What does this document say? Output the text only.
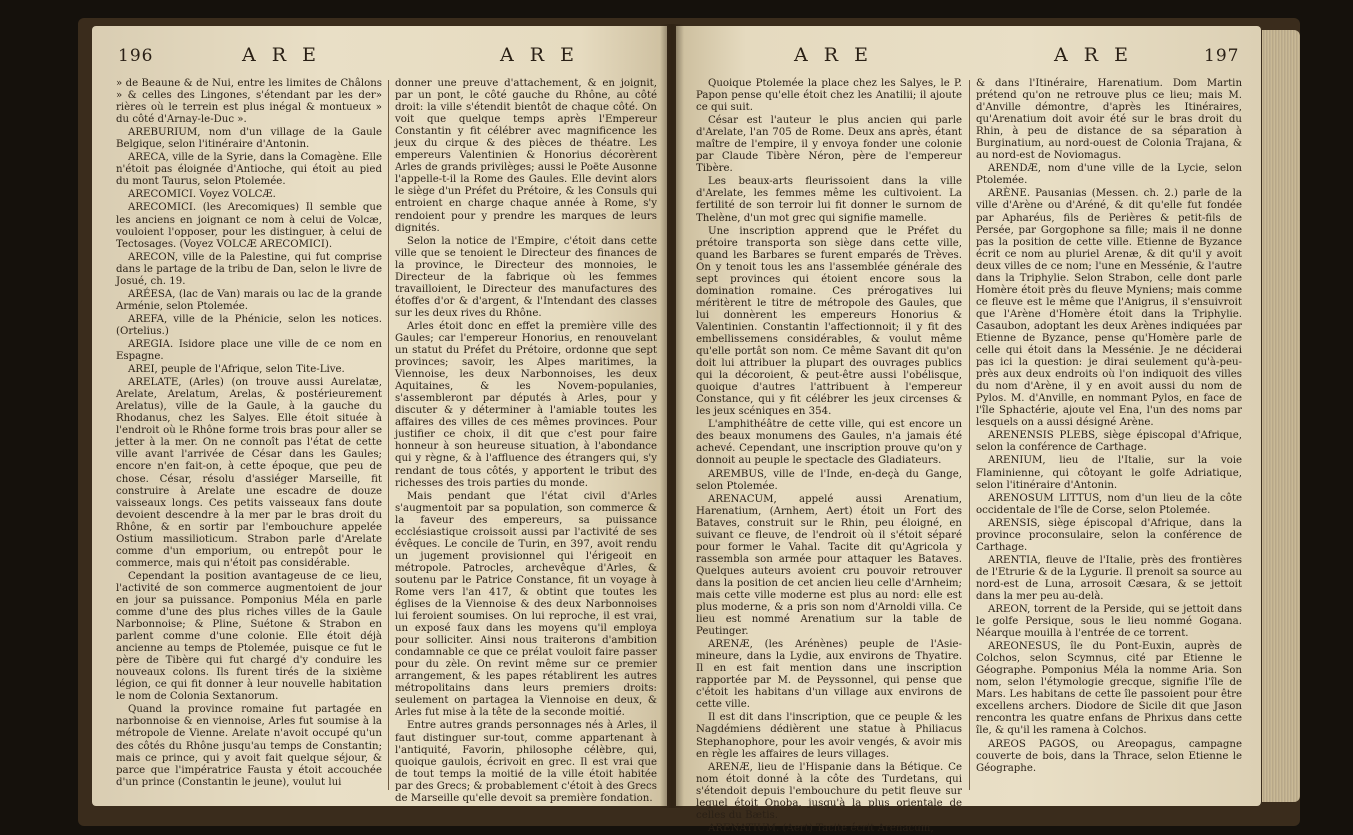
196	A R E	A R E

» de Beaune & de Nui, entre les limites de Châlons » & celles des Lingones, s'étendant par les der» rières où le terrein est plus inégal & montueux » du côté d'Arnay-le-Duc ».

AREBURIUM, nom d'un village de la Gaule Belgique, selon l'itinéraire d'Antonin.

ARECA, ville de la Syrie, dans la Comagène. Elle n'étoit pas éloignée d'Antioche, qui étoit au pied du mont Taurus, selon Ptolemée.

ARECOMICI. Voyez VOLCÆ.

ARECOMICI. (les Arecomiques) Il semble que les anciens en joignant ce nom à celui de Volcæ, vouloient l'opposer, pour les distinguer, à celui de Tectosages. (Voyez VOLCÆ ARECOMICI).

ARECON, ville de la Palestine, qui fut comprise dans le partage de la tribu de Dan, selon le livre de Josué, ch. 19.

ARÉESA, (lac de Van) marais ou lac de la grande Arménie, selon Ptolemée.

AREFA, ville de la Phénicie, selon les notices. (Ortelius.)

AREGIA. Isidore place une ville de ce nom en Espagne.

AREI, peuple de l'Afrique, selon Tite-Live.

ARELATE, (Arles) (on trouve aussi Aurelatæ, Arelate, Arelatum, Arelas, & postérieurement Arelatus), ville de la Gaule, à la gauche du Rhodanus, chez les Salyes. Elle étoit située à l'endroit où le Rhône forme trois bras pour aller se jetter à la mer. On ne connoît pas l'état de cette ville avant l'arrivée de César dans les Gaules; encore n'en fait-on, à cette époque, que peu de chose. César, résolu d'assiéger Marseille, fit construire à Arelate une escadre de douze vaisseaux longs. Ces petits vaisseaux fans doute devoient descendre à la mer par le bras droit du Rhône, & en sortir par l'embouchure appelée Ostium massilioticum. Strabon parle d'Arelate comme d'un emporium, ou entrepôt pour le commerce, mais qui n'étoit pas considérable.

Cependant la position avantageuse de ce lieu, l'activité de son commerce augmentoient de jour en jour sa puissance. Pomponius Méla en parle comme d'une des plus riches villes de la Gaule Narbonnoise; & Pline, Suétone & Strabon en parlent comme d'une colonie. Elle étoit déjà ancienne au temps de Ptolemée, puisque ce fut le père de Tibère qui fut chargé d'y conduire les nouveaux colons. Ils furent tirés de la sixième légion, ce qui fit donner à leur nouvelle habitation le nom de Colonia Sextanorum.

Quand la province romaine fut partagée en narbonnoise & en viennoise, Arles fut soumise à la métropole de Vienne. Arelate n'avoit occupé qu'un des côtés du Rhône jusqu'au temps de Constantin; mais ce prince, qui y avoit fait quelque séjour, & parce que l'impératrice Fausta y étoit accouchée d'un prince (Constantin le jeune), voulut lui

donner une preuve d'attachement, & en joignit, par un pont, le côté gauche du Rhône, au côté droit: la ville s'étendit bientôt de chaque côté. On voit que quelque temps après l'Empereur Constantin y fit célébrer avec magnificence les jeux du cirque & des pièces de théatre. Les empereurs Valentinien & Honorius décorèrent Arles de grands privilèges; aussi le Poëte Ausonne l'appelle-t-il la Rome des Gaules. Elle devint alors le siège d'un Préfet du Prétoire, & les Consuls qui entroient en charge chaque année à Rome, s'y rendoient pour y prendre les marques de leurs dignités.

Selon la notice de l'Empire, c'étoit dans cette ville que se tenoient le Directeur des finances de la province, le Directeur des monnoies, le Directeur de la fabrique où les femmes travailloient, le Directeur des manufactures des étoffes d'or & d'argent, & l'Intendant des classes sur les deux rives du Rhône.

Arles étoit donc en effet la première ville des Gaules; car l'empereur Honorius, en renouvelant un statut du Préfet du Prétoire, ordonne que sept provinces; savoir, les Alpes maritimes, la Viennoise, les deux Narbonnoises, les deux Aquitaines, & les Novem-populanies, s'assembleront par députés à Arles, pour y discuter & y déterminer à l'amiable toutes les affaires des villes de ces mêmes provinces. Pour justifier ce choix, il dit que c'est pour faire honneur à son heureuse situation, à l'abondance qui y règne, & à l'affluence des étrangers qui, s'y rendant de tous côtés, y apportent le tribut des richesses des trois parties du monde.

Mais pendant que l'état civil d'Arles s'augmentoit par sa population, son commerce & la faveur des empereurs, sa puissance ecclésiastique croissoit aussi par l'activité de ses évêques. Le concile de Turin, en 397, avoit rendu un jugement provisionnel qui l'érigeoit en métropole. Patrocles, archevêque d'Arles, & soutenu par le Patrice Constance, fit un voyage à Rome vers l'an 417, & obtint que toutes les églises de la Viennoise & des deux Narbonnoises lui feroient soumises. On lui reproche, il est vrai, un exposé faux dans les moyens qu'il employa pour solliciter. Ainsi nous traiterons d'ambition condamnable ce que ce prélat vouloit faire passer pour du zèle. On revint même sur ce premier arrangement, & les papes rétablirent les autres métropolitains dans leurs premiers droits: seulement on partagea la Viennoise en deux, & Arles fut mise à la tête de la seconde moitié.

Entre autres grands personnages nés à Arles, il faut distinguer sur-tout, comme appartenant à l'antiquité, Favorin, philosophe célèbre, qui, quoique gaulois, écrivoit en grec. Il est vrai que de tout temps la moitié de la ville étoit habitée par des Grecs; & probablement c'étoit à des Grecs de Marseille qu'elle devoit sa première fondation.

A R E	A R E	197

Quoique Ptolemée la place chez les Salyes, le P. Papon pense qu'elle étoit chez les Anatilii; il ajoute ce qui suit.

César est l'auteur le plus ancien qui parle d'Arelate, l'an 705 de Rome. Deux ans après, étant maître de l'empire, il y envoya fonder une colonie par Claude Tibère Néron, père de l'empereur Tibère.

Les beaux-arts fleurissoient dans la ville d'Arelate, les femmes même les cultivoient. La fertilité de son terroir lui fit donner le surnom de Thelène, d'un mot grec qui signifie mamelle.

Une inscription apprend que le Préfet du prétoire transporta son siège dans cette ville, quand les Barbares se furent emparés de Trèves. On y tenoit tous les ans l'assemblée générale des sept provinces qui étoient encore sous la domination romaine. Ces prérogatives lui méritèrent le titre de métropole des Gaules, que lui donnèrent les empereurs Honorius & Valentinien. Constantin l'affectionnoit; il y fit des embellissemens considérables, & voulut même qu'elle portât son nom. Ce même Savant dit qu'on doit lui attribuer la plupart des ouvrages publics qui la décoroient, & peut-être aussi l'obélisque, quoique d'autres l'attribuent à l'empereur Constance, qui y fit célébrer les jeux circenses & les jeux scéniques en 354.

L'amphithéâtre de cette ville, qui est encore un des beaux monumens des Gaules, n'a jamais été achevé. Cependant, une inscription prouve qu'on y donnoit au peuple le spectacle des Gladiateurs.

AREMBUS, ville de l'Inde, en-deçà du Gange, selon Ptolemée.

ARENACUM, appelé aussi Arenatium, Harenatium, (Arnhem, Aert) étoit un Fort des Bataves, construit sur le Rhin, peu éloigné, en suivant ce fleuve, de l'endroit où il s'étoit séparé pour former le Vahal. Tacite dit qu'Agricola y rassembla son armée pour attaquer les Bataves. Quelques auteurs avoient cru pouvoir retrouver dans la position de cet ancien lieu celle d'Arnheim; mais cette ville moderne est plus au nord: elle est plus moderne, & a pris son nom d'Arnoldi villa. Ce lieu est nommé Arenatium sur la table de Peutinger.

ARENÆ, (les Arénènes) peuple de l'Asie-mineure, dans la Lydie, aux environs de Thyatire. Il en est fait mention dans une inscription rapportée par M. de Peyssonnel, qui pense que c'étoit les habitans d'un village aux environs de cette ville.

Il est dit dans l'inscription, que ce peuple & les Nagdémiens dédièrent une statue à Philiacus Stephanophore, pour les avoir vengés, & avoir mis en règle les affaires de leurs villages.

ARENÆ, lieu de l'Hispanie dans la Bétique. Ce nom étoit donné à la côte des Turdetans, qui s'étendoit depuis l'embouchure du petit fleuve sur lequel étoit Onoba, jusqu'à la plus orientale de celles du Bætis.

ARENATIUM. (Aert) Tacite écrit Arenacum,

& dans l'Itinéraire, Harenatium. Dom Martin prétend qu'on ne retrouve plus ce lieu; mais M. d'Anville démontre, d'après les Itinéraires, qu'Arenatium doit avoir été sur le bras droit du Rhin, à peu de distance de sa séparation à Burginatium, au nord-ouest de Colonia Trajana, & au nord-est de Noviomagus.

ARENDÆ, nom d'une ville de la Lycie, selon Ptolemée.

ARÈNE. Pausanias (Messen. ch. 2.) parle de la ville d'Arène ou d'Aréné, & dit qu'elle fut fondée par Apharéus, fils de Perières & petit-fils de Persée, par Gorgophone sa fille; mais il ne donne pas la position de cette ville. Etienne de Byzance écrit ce nom au pluriel Arenæ, & dit qu'il y avoit deux villes de ce nom; l'une en Messénie, & l'autre dans la Triphylie. Selon Strabon, celle dont parle Homère étoit près du fleuve Myniens; mais comme ce fleuve est le même que l'Anigrus, il s'ensuivroit que l'Arène d'Homère étoit dans la Triphylie. Casaubon, adoptant les deux Arènes indiquées par Etienne de Byzance, pense qu'Homère parle de celle qui étoit dans la Messénie. Je ne déciderai pas ici la question: je dirai seulement qu'à-peu-près aux deux endroits où l'on indiquoit des villes du nom d'Arène, il y en avoit aussi du nom de Pylos. M. d'Anville, en nommant Pylos, en face de l'île Sphactérie, ajoute vel Ena, l'un des noms par lesquels on a aussi désigné Arène.

ARENENSIS PLEBS, siège épiscopal d'Afrique, selon la conférence de Carthage.

ARENIUM, lieu de l'Italie, sur la voie Flaminienne, qui côtoyant le golfe Adriatique, selon l'itinéraire d'Antonin.

ARENOSUM LITTUS, nom d'un lieu de la côte occidentale de l'île de Corse, selon Ptolemée.

ARENSIS, siège épiscopal d'Afrique, dans la province proconsulaire, selon la conférence de Carthage.

ARENTIA, fleuve de l'Italie, près des frontières de l'Etrurie & de la Lygurie. Il prenoit sa source au nord-est de Luna, arrosoit Cæsara, & se jettoit dans la mer peu au-delà.

AREON, torrent de la Perside, qui se jettoit dans le golfe Persique, sous le lieu nommé Gogana. Néarque mouilla à l'entrée de ce torrent.

AREONESUS, île du Pont-Euxin, auprès de Colchos, selon Scymnus, cité par Etienne le Géographe. Pomponius Méla la nomme Aria. Son nom, selon l'étymologie grecque, signifie l'île de Mars. Les habitans de cette île passoient pour être excellens archers. Diodore de Sicile dit que Jason rencontra les quatre enfans de Phrixus dans cette île, & qu'il les ramena à Colchos.

AREOS PAGOS, ou Areopagus, campagne couverte de bois, dans la Thrace, selon Etienne le Géographe.
